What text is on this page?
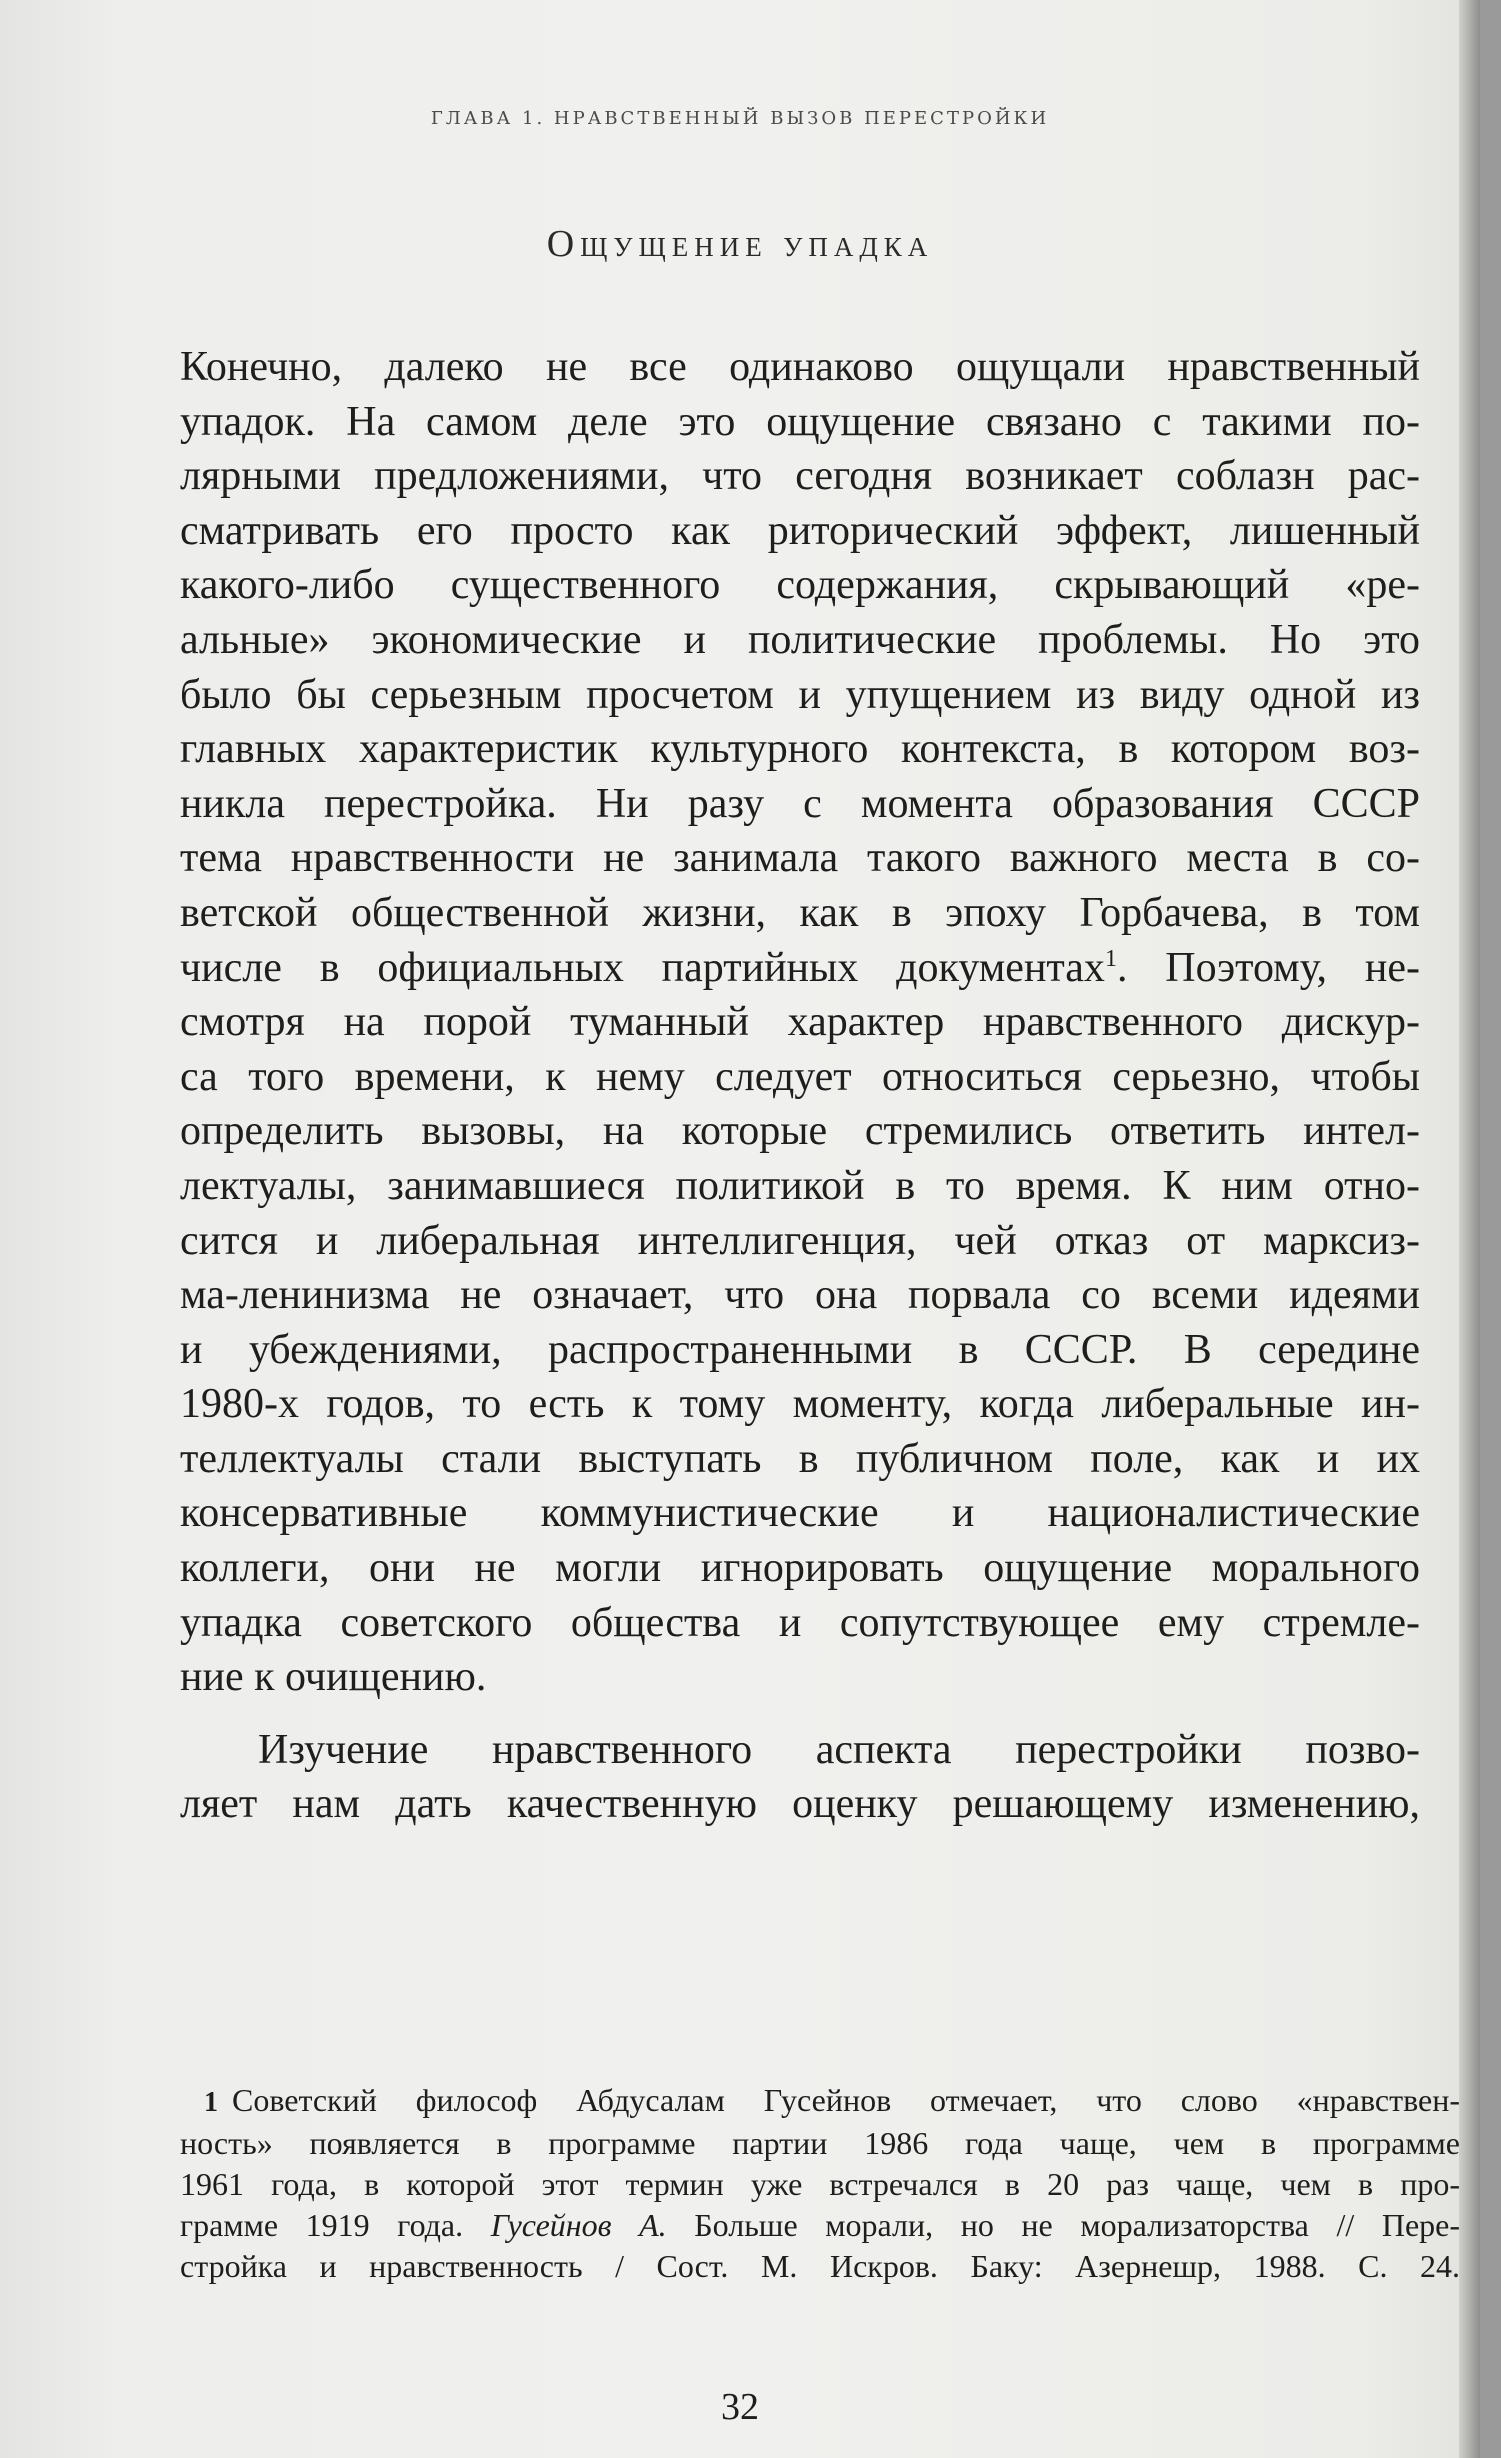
ГЛАВА 1. НРАВСТВЕННЫЙ ВЫЗОВ ПЕРЕСТРОЙКИ
Ощущение упадка
Конечно, далеко не все одинаково ощущали нравственный
упадок. На самом деле это ощущение связано с такими по-
лярными предложениями, что сегодня возникает соблазн рас-
сматривать его просто как риторический эффект, лишенный
какого-либо существенного содержания, скрывающий «ре-
альные» экономические и политические проблемы. Но это
было бы серьезным просчетом и упущением из виду одной из
главных характеристик культурного контекста, в котором воз-
никла перестройка. Ни разу с момента образования СССР
тема нравственности не занимала такого важного места в со-
ветской общественной жизни, как в эпоху Горбачева, в том
числе в официальных партийных документах$^1$. Поэтому, не-
смотря на порой туманный характер нравственного дискур-
са того времени, к нему следует относиться серьезно, чтобы
определить вызовы, на которые стремились ответить интел-
лектуалы, занимавшиеся политикой в то время. К ним отно-
сится и либеральная интеллигенция, чей отказ от марксиз-
ма-ленинизма не означает, что она порвала со всеми идеями
и убеждениями, распространенными в СССР. В середине
1980-х годов, то есть к тому моменту, когда либеральные ин-
теллектуалы стали выступать в публичном поле, как и их
консервативные коммунистические и националистические
коллеги, они не могли игнорировать ощущение морального
упадка советского общества и сопутствующее ему стремле-
ние к очищению.
Изучение нравственного аспекта перестройки позво-
ляет нам дать качественную оценку решающему изменению,
1 Советский философ Абдусалам Гусейнов отмечает, что слово «нравствен-
ность» появляется в программе партии 1986 года чаще, чем в программе
1961 года, в которой этот термин уже встречался в 20 раз чаще, чем в про-
грамме 1919 года. Гусейнов А. Больше морали, но не морализаторства // Пере-
стройка и нравственность / Сост. М. Искров. Баку: Азернешр, 1988. С. 24.
32
